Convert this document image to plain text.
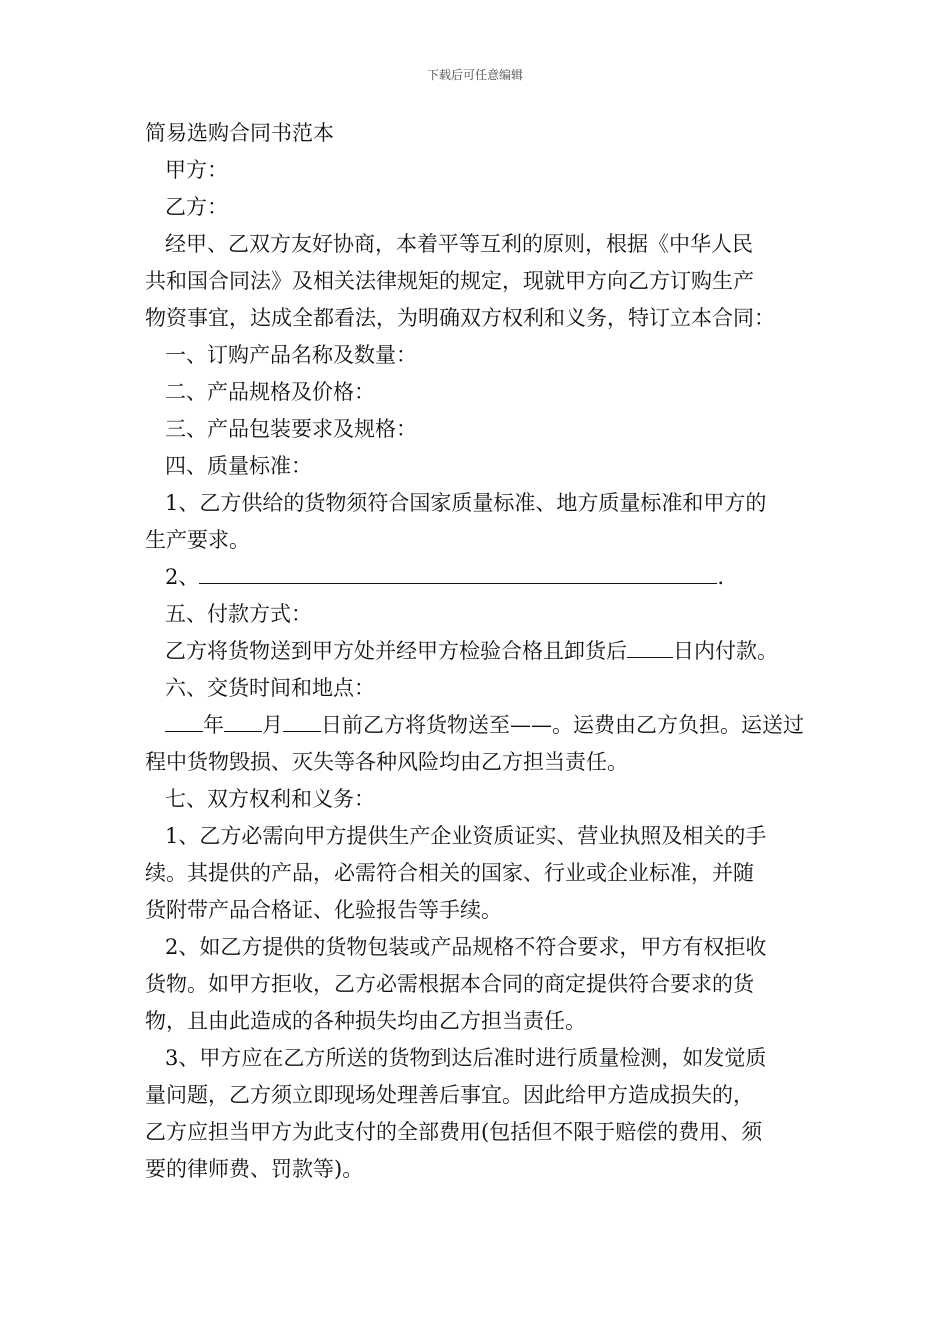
下载后可任意编辑
简易选购合同书范本
甲方：
乙方：
经甲、乙双方友好协商，本着平等互利的原则，根据《中华人民
共和国合同法》及相关法律规矩的规定，现就甲方向乙方订购生产
物资事宜，达成全都看法，为明确双方权利和义务，特订立本合同：
一、订购产品名称及数量：
二、产品规格及价格：
三、产品包装要求及规格：
四、质量标准：
1、乙方供给的货物须符合国家质量标准、地方质量标准和甲方的
生产要求。
2、	.
五、付款方式：
乙方将货物送到甲方处并经甲方检验合格且卸货后 日内付款。
六、交货时间和地点：
年 月 日前乙方将货物送至——。运费由乙方负担。运送过
程中货物毁损、灭失等各种风险均由乙方担当责任。
七、双方权利和义务：
1、乙方必需向甲方提供生产企业资质证实、营业执照及相关的手
续。其提供的产品，必需符合相关的国家、行业或企业标准，并随
货附带产品合格证、化验报告等手续。
2、如乙方提供的货物包装或产品规格不符合要求，甲方有权拒收
货物。如甲方拒收，乙方必需根据本合同的商定提供符合要求的货
物，且由此造成的各种损失均由乙方担当责任。
3、甲方应在乙方所送的货物到达后准时进行质量检测，如发觉质
量问题，乙方须立即现场处理善后事宜。因此给甲方造成损失的，
乙方应担当甲方为此支付的全部费用(包括但不限于赔偿的费用、须
要的律师费、罚款等)。
